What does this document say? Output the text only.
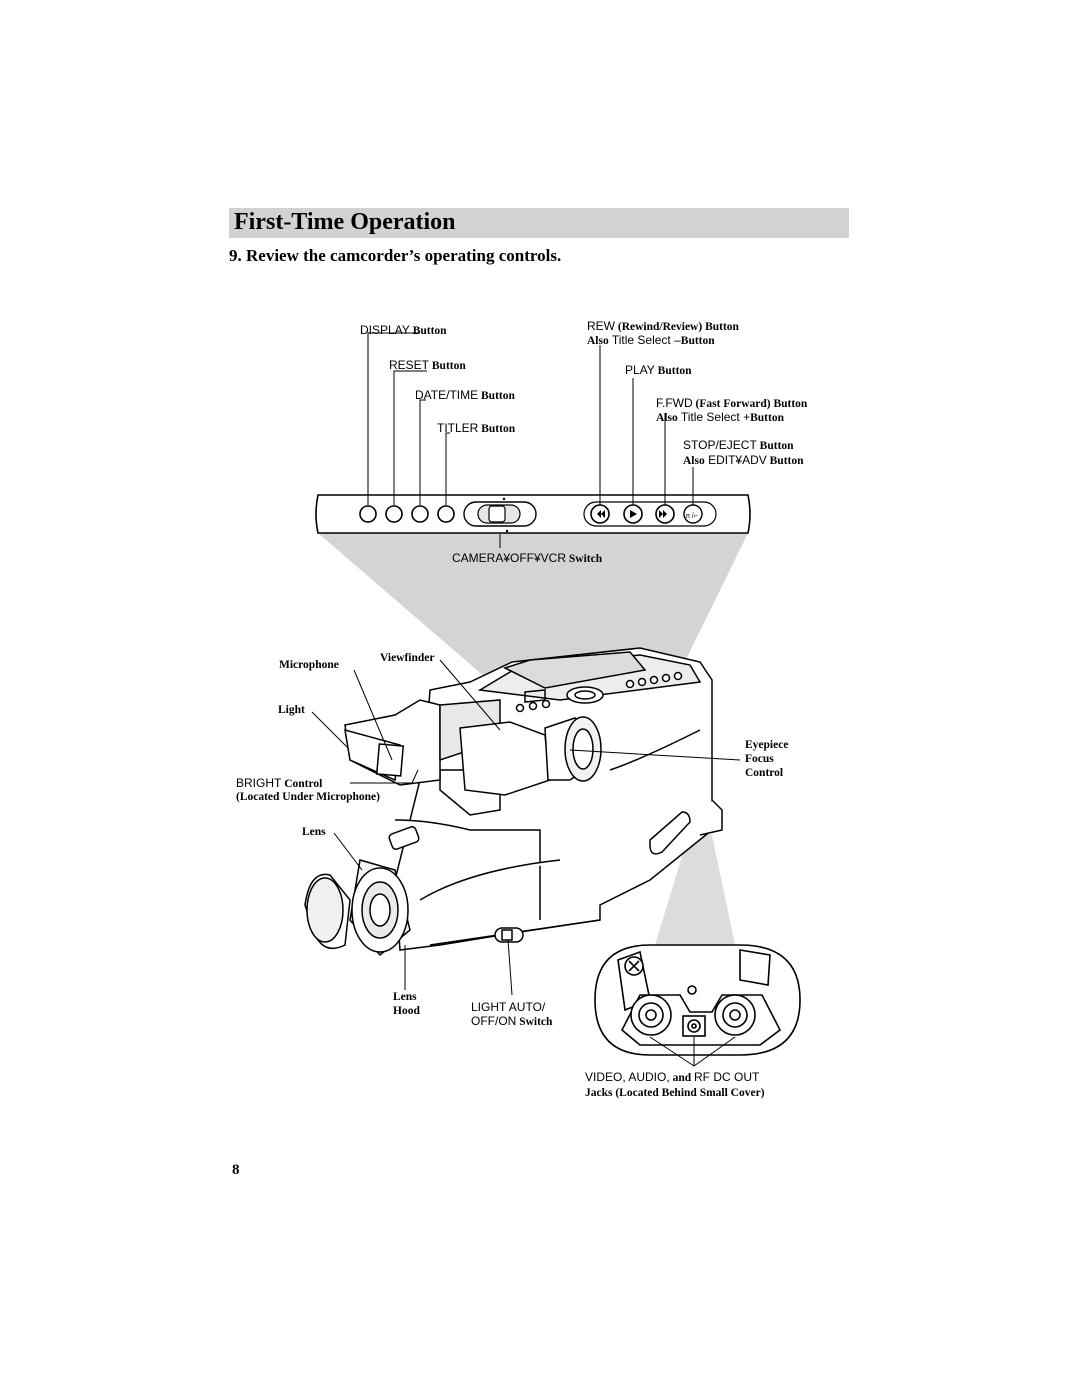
First-Time Operation
9. Review the camcorder’s operating controls.
п /⌐
DISPLAY Button
RESET Button
DATE/TIME Button
TITLER Button
REW (Rewind/Review) Button
Also Title Select –Button
PLAY Button
F.FWD (Fast Forward) Button
Also Title Select +Button
STOP/EJECT Button
Also EDIT¥ADV Button
CAMERA¥OFF¥VCR Switch
Microphone
Viewfinder
Light
BRIGHT Control
(Located Under Microphone)
Lens
Eyepiece
Focus
Control
Lens
Hood	LIGHT AUTO/
OFF/ON Switch
VIDEO, AUDIO, and RF DC OUT
Jacks (Located Behind Small Cover)
8
